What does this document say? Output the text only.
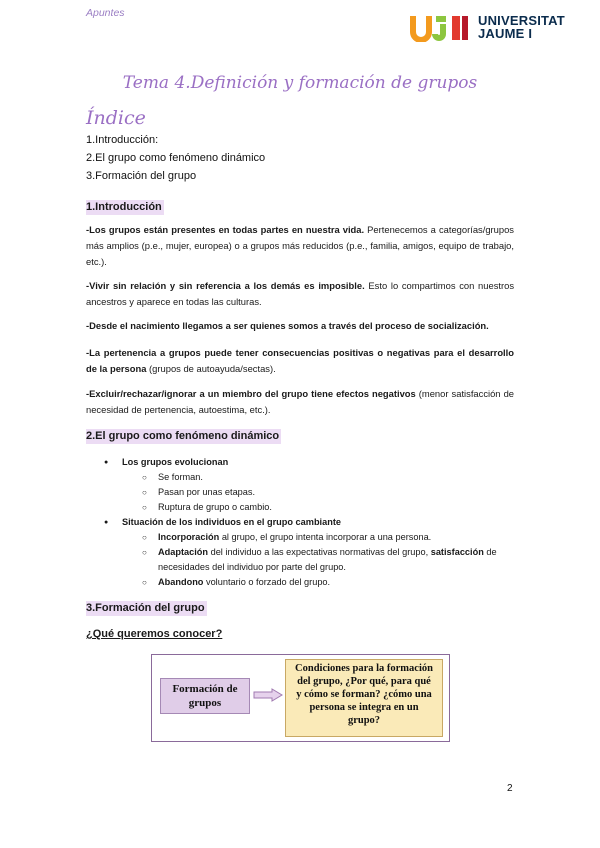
Apuntes	UNIVERSITAT
JAUME I
Tema 4.Definición y formación de grupos
Índice
1.Introducción:
2.El grupo como fenómeno dinámico
3.Formación del grupo
1.Introducción
-Los grupos están presentes en todas partes en nuestra vida. Pertenecemos a categorías/grupos más amplios (p.e., mujer, europea) o a grupos más reducidos (p.e., familia, amigos, equipo de trabajo, etc.).
-Vivir sin relación y sin referencia a los demás es imposible. Esto lo compartimos con nuestros ancestros y aparece en todas las culturas.
-Desde el nacimiento llegamos a ser quienes somos a través del proceso de socialización.
-La pertenencia a grupos puede tener consecuencias positivas o negativas para el desarrollo de la persona (grupos de autoayuda/sectas).
-Excluir/rechazar/ignorar a un miembro del grupo tiene efectos negativos (menor satisfacción de necesidad de pertenencia, autoestima, etc.).
2.El grupo como fenómeno dinámico
● Los grupos evolucionan
○ Se forman.
○ Pasan por unas etapas.
○ Ruptura de grupo o cambio.
● Situación de los individuos en el grupo cambiante
○ Incorporación al grupo, el grupo intenta incorporar a una persona.
○ Adaptación del individuo a las expectativas normativas del grupo, satisfacción de necesidades del individuo por parte del grupo.
○ Abandono voluntario o forzado del grupo.
3.Formación del grupo
¿Qué queremos conocer?
Formación de
grupos
Condiciones para la formación
del grupo, ¿Por qué, para qué
y cómo se forman? ¿cómo una
persona se integra en un
grupo?
2
